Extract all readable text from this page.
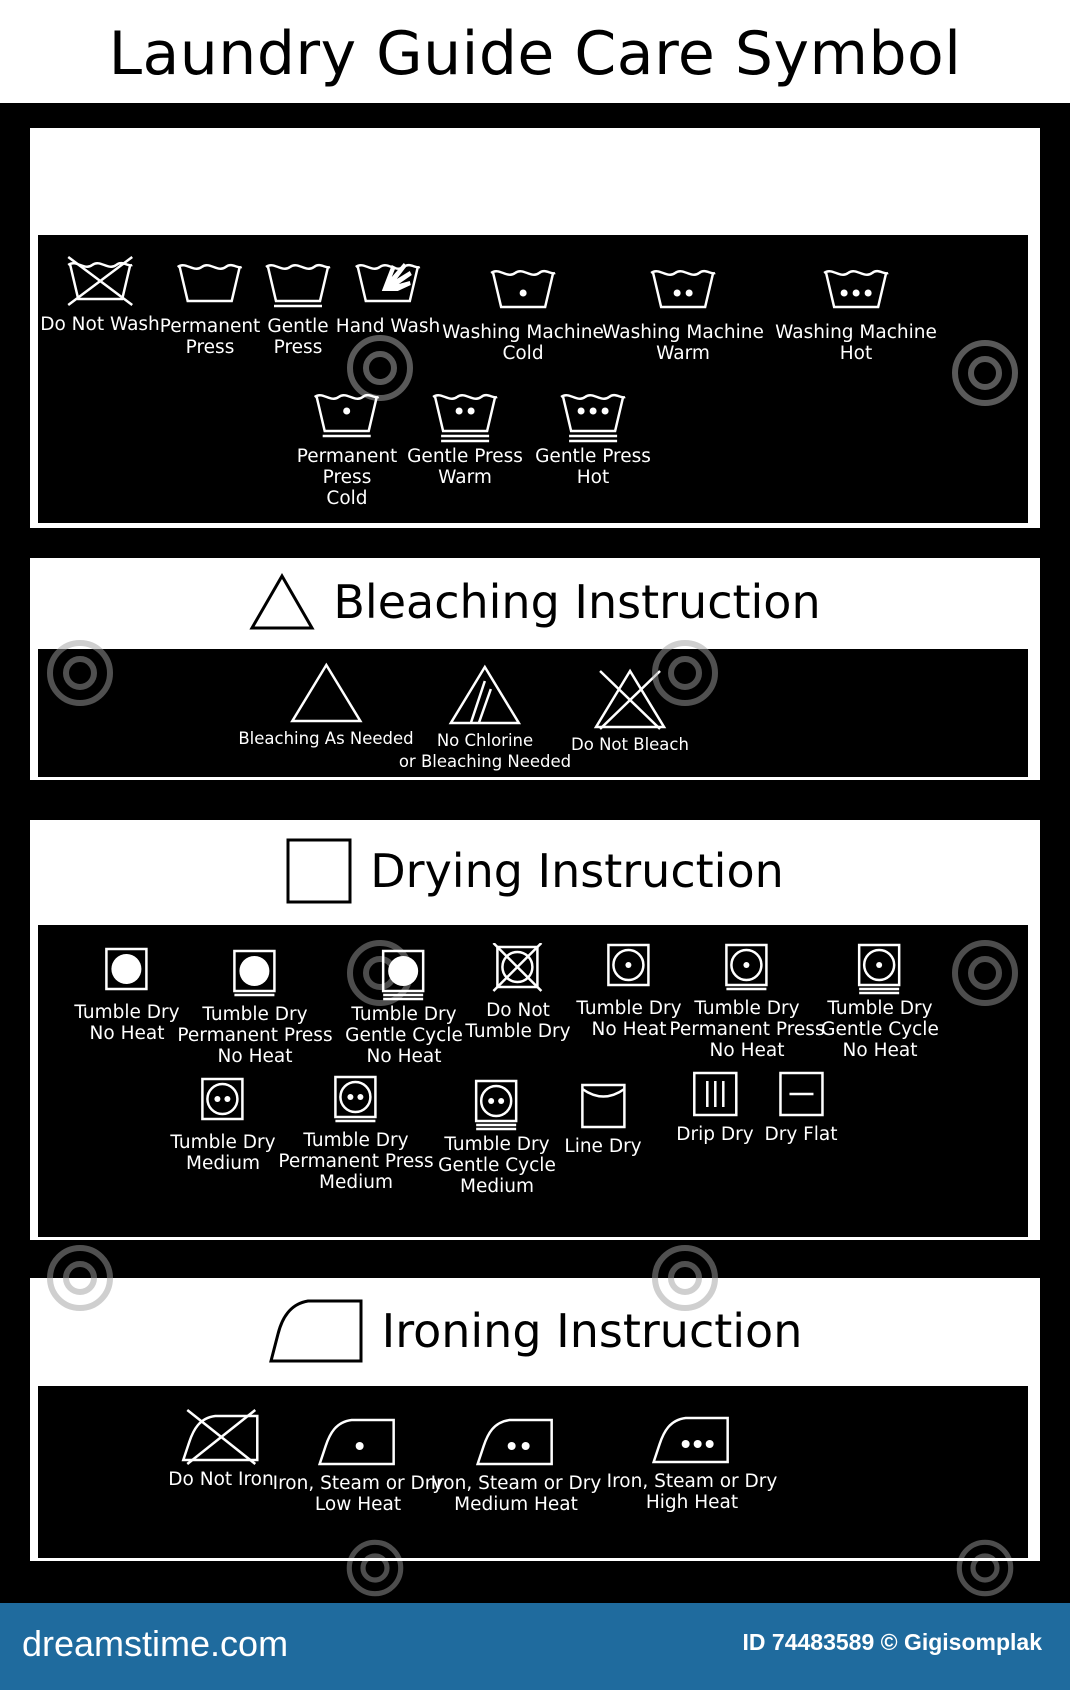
Laundry Guide Care Symbol
Do Not Wash Permanent
Press
Gentle
Press
Hand Wash Washing Machine
Cold
Washing Machine
Warm
Washing Machine
Hot
Permanent
Press
Cold
Gentle Press
Warm
Gentle Press
Hot
Bleaching Instruction
Bleaching As Needed	No Chlorine
or Bleaching Needed
Do Not Bleach
Drying Instruction
Tumble Dry
No Heat
Tumble Dry
Permanent Press
No Heat
Tumble Dry
Gentle Cycle
No Heat
Do Not
Tumble Dry
Tumble Dry
No Heat
Tumble Dry
Permanent Press
No Heat
Tumble Dry
Gentle Cycle
No Heat
Tumble Dry
Medium
Tumble Dry
Permanent Press
Medium
Tumble Dry
Gentle Cycle
Medium
Line Dry
Drip Dry Dry Flat
Ironing Instruction
Do Not Iron
Iron, Steam or Dry
Low Heat
Iron, Steam or Dry
Medium Heat
Iron, Steam or Dry
High Heat
dreamstime.com	ID 74483589 © Gigisomplak
